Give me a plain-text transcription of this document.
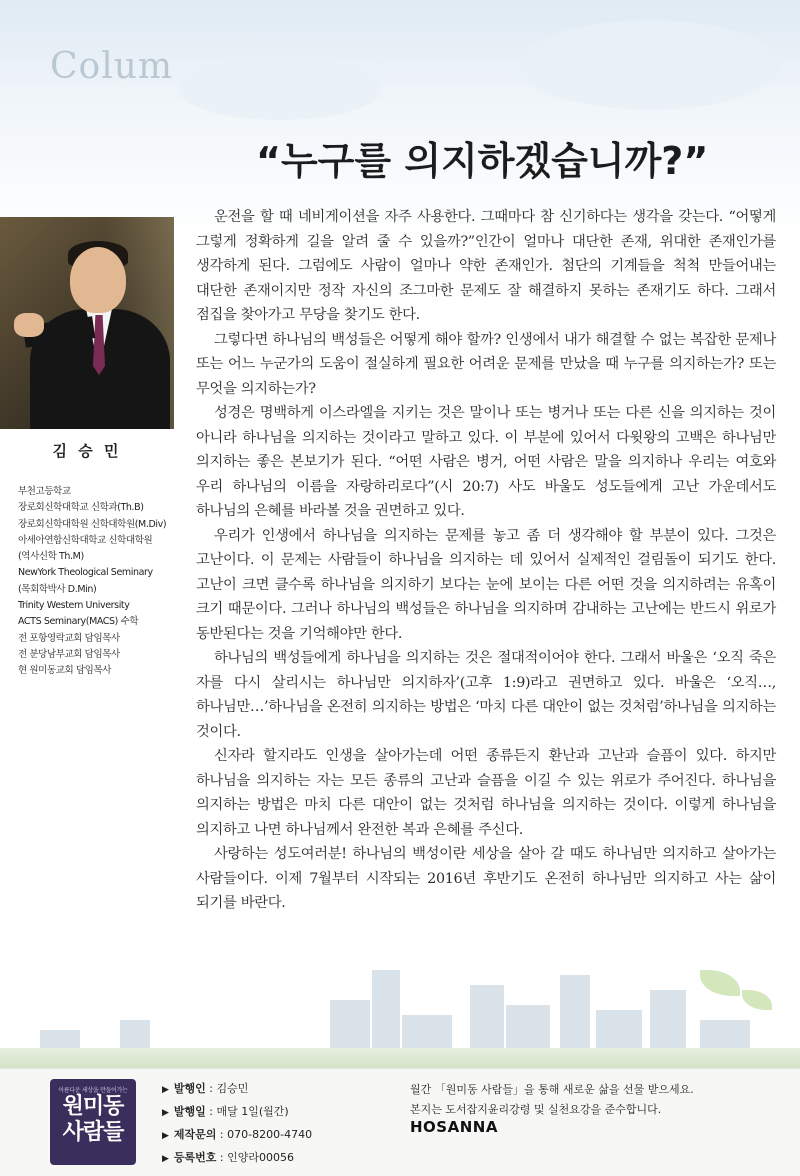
Colum
“누구를 의지하겠습니까?”
김 승 민
부천고등학교
장로회신학대학교 신학과(Th.B)
장로회신학대학원 신학대학원(M.Div)
아세아연합신학대학교 신학대학원
(역사신학 Th.M)
NewYork Theological Seminary
(목회학박사 D.Min)
Trinity Western University
ACTS Seminary(MACS) 수학
전 포항영락교회 담임목사
전 분당남부교회 담임목사
현 원미동교회 담임목사

운전을 할 때 네비게이션을 자주 사용한다. 그때마다 참 신기하다는 생각을 갖는다. “어떻게 그렇게 정확하게 길을 알려 줄 수 있을까?”인간이 얼마나 대단한 존재, 위대한 존재인가를 생각하게 된다. 그럼에도 사람이 얼마나 약한 존재인가. 첨단의 기계들을 척척 만들어내는 대단한 존재이지만 정작 자신의 조그마한 문제도 잘 해결하지 못하는 존재기도 하다. 그래서 점집을 찾아가고 무당을 찾기도 한다.

그렇다면 하나님의 백성들은 어떻게 해야 할까? 인생에서 내가 해결할 수 없는 복잡한 문제나 또는 어느 누군가의 도움이 절실하게 필요한 어려운 문제를 만났을 때 누구를 의지하는가? 또는 무엇을 의지하는가?

성경은 명백하게 이스라엘을 지키는 것은 말이나 또는 병거나 또는 다른 신을 의지하는 것이 아니라 하나님을 의지하는 것이라고 말하고 있다. 이 부분에 있어서 다윗왕의 고백은 하나님만 의지하는 좋은 본보기가 된다. “어떤 사람은 병거, 어떤 사람은 말을 의지하나 우리는 여호와 우리 하나님의 이름을 자랑하리로다”(시 20:7) 사도 바울도 성도들에게 고난 가운데서도 하나님의 은혜를 바라볼 것을 권면하고 있다.

우리가 인생에서 하나님을 의지하는 문제를 놓고 좀 더 생각해야 할 부분이 있다. 그것은 고난이다. 이 문제는 사람들이 하나님을 의지하는 데 있어서 실제적인 걸림돌이 되기도 한다. 고난이 크면 클수록 하나님을 의지하기 보다는 눈에 보이는 다른 어떤 것을 의지하려는 유혹이 크기 때문이다. 그러나 하나님의 백성들은 하나님을 의지하며 감내하는 고난에는 반드시 위로가 동반된다는 것을 기억해야만 한다.

하나님의 백성들에게 하나님을 의지하는 것은 절대적이어야 한다. 그래서 바울은 ‘오직 죽은 자를 다시 살리시는 하나님만 의지하자’(고후 1:9)라고 권면하고 있다. 바울은 ‘오직…, 하나님만…’하나님을 온전히 의지하는 방법은 ‘마치 다른 대안이 없는 것처럼’하나님을 의지하는 것이다.

신자라 할지라도 인생을 살아가는데 어떤 종류든지 환난과 고난과 슬픔이 있다. 하지만 하나님을 의지하는 자는 모든 종류의 고난과 슬픔을 이길 수 있는 위로가 주어진다. 하나님을 의지하는 방법은 마치 다른 대안이 없는 것처럼 하나님을 의지하는 것이다. 이렇게 하나님을 의지하고 나면 하나님께서 완전한 복과 은혜를 주신다.

사랑하는 성도여러분! 하나님의 백성이란 세상을 살아 갈 때도 하나님만 의지하고 살아가는 사람들이다. 이제 7월부터 시작되는 2016년 후반기도 온전히 하나님만 의지하고 사는 삶이 되기를 바란다.

아름다운 세상을 만들어가는
원미동
사람들
▶ 발행인 : 김승민
▶ 발행일 : 매달 1일(월간)
▶ 제작문의 : 070-8200-4740
▶ 등록번호 : 인양라00056
월간 「원미동 사람들」을 통해 새로운 삶을 선물 받으세요.
본지는 도서잡지윤리강령 및 실천요강을 준수합니다.
HOSANNA
